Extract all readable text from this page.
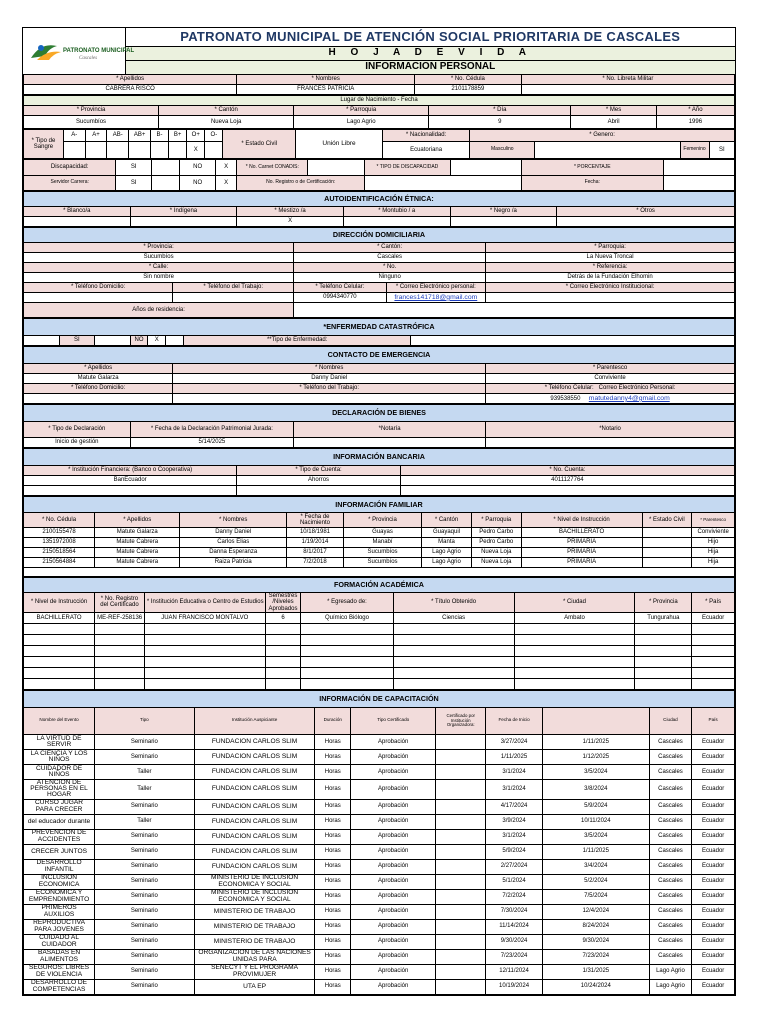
PATRONATO MUNICIPAL
Cascales
	PATRONATO MUNICIPAL DE ATENCIÓN SOCIAL PRIORITARIA DE CASCALES
H O J A D E V I D A
INFORMACION PERSONAL
* Apellidos	* Nombres	* No. Cédula	* No. Libreta Militar
CABRERA RISCO	FRANCES PATRICIA	2101178859	
Lugar de Nacimiento - Fecha					
* Provincia	* Cantón	* Parroquia	* Día	* Mes	* Año
Sucumbíos	Nueva Loja	Lago Agrio	9	Abril	1996
* Tipo de Sangre	A-	A+	AB-	AB+	B-	B+	O+	O-	* Estado Civil	Unión Libre	* Nacionalidad:	* Genero:			
							X				Ecuatoriana	Masculino		Femenino	SI
Discapacidad:	SI		NO	X	* No. Carnet CONADIS:		* TIPO DE DISCAPACIDAD		* PORCENTAJE	
Servidor Carrera:	SI		NO	X	No. Registro o de Certificación:				Fecha:	
AUTOIDENTIFICACIÓN ÉTNICA:					
* Blanco/a	* Indígena	* Mestizo /a	* Montubio / a	* Negro /a	* Otros
		X			
DIRECCIÓN DOMICILIARIA				
* Provincia:		* Cantón:		* Parroquia:
Sucumbíos		Cascales		La Nueva Troncal
* Calle:		* No.		* Referencia:
Sin nombre		Ninguno		Detrás de la Fundación Elhomin
* Teléfono Domicilio:	* Teléfono del Trabajo:	* Teléfono Celular:	* Correo Electrónico personal:	* Correo Electrónico Institucional:
		0994340770	frances141718@gmail.com	
Años de residencia:				
*ENFERMEDAD CATASTRÓFICA
	SI		NO	X		**Tipo de Enfermedad:	
CONTACTO DE EMERGENCIA		
* Apellidos	* Nombres	* Parentesco
Matute Galarza	Danny Daniel	Conviviente
* Teléfono Domicilio:	* Teléfono del Trabajo:	* Teléfono Celular: Correo Electrónico Personal:
		939538550 matutedanny4@gmail.com
DECLARACIÓN DE BIENES			
* Tipo de Declaración	* Fecha de la Declaración Patrimonial Jurada:	*Notaría	*Notario
Inicio de gestión	5/14/2025		
INFORMACIÓN BANCARIA		
* Institución Financiera: (Banco o Cooperativa)	* Tipo de Cuenta:	* No. Cuenta:
BanEcuador	Ahorros	4011127764

INFORMACIÓN FAMILIAR									
* No. Cédula	* Apellidos	* Nombres	* Fecha de Nacimiento	* Provincia	* Cantón	* Parroquia	* Nivel de Instrucción	* Estado Civil	* Parentesco
2100155478	Matute Galarza	Danny Daniel	10/18/1981	Guayas	Guayaquil	Pedro Carbo	BACHILLERATO		Conviviente
1351972008	Matute Cabrera	Carlos Elias	1/19/2014	Manabí	Manta	Pedro Carbo	PRIMARIA		Hijo
2150518564	Matute Cabrera	Danna Esperanza	8/1/2017	Sucumbíos	Lago Agrio	Nueva Loja	PRIMARIA		Hija
2150564884	Matute Cabrera	Raiza Patricia	7/2/2018	Sucumbíos	Lago Agrio	Nueva Loja	PRIMARIA		Hija

FORMACIÓN ACADÉMICA								
* Nivel de Instrucción	* No. Registro del Certificado	* Institución Educativa o Centro de Estudios	Semestres /Niveles Aprobados	* Egresado de:	* Título Obtenido	* Ciudad	* Provincia	* País
BACHILLERATO	ME-REF-258136	JUAN FRANCISCO MONTALVO	6	Químico Biólogo	Ciencias	Ambato	Tungurahua	Ecuador

INFORMACIÓN DE CAPACITACIÓN									
Nombre del Evento	Tipo	Institución Auspiciante	Duración	Tipo Certificado	Certificado por Institución Organizadora:	Fecha de Inicio		Ciudad	País
LA VIRTUD DE SERVIR	Seminario	FUNDACION CARLOS SLIM	Horas	Aprobación		3/27/2024	1/11/2025	Cascales	Ecuador
LA CIENCIA Y LOS NIÑOS	Seminario	FUNDACION CARLOS SLIM	Horas	Aprobación		1/11/2025	1/12/2025	Cascales	Ecuador
CUIDADOR DE NIÑOS	Taller	FUNDACION CARLOS SLIM	Horas	Aprobación		3/1/2024	3/5/2024	Cascales	Ecuador
ATENCION DE PERSONAS EN EL HOGAR	Taller	FUNDACION CARLOS SLIM	Horas	Aprobación		3/1/2024	3/8/2024	Cascales	Ecuador
CURSO JUGAR PARA CRECER	Seminario	FUNDACION CARLOS SLIM	Horas	Aprobación		4/17/2024	5/9/2024	Cascales	Ecuador
del educador durante	Taller	FUNDACION CARLOS SLIM	Horas	Aprobación		3/9/2024	10/11/2024	Cascales	Ecuador
PREVENCION DE ACCIDENTES	Seminario	FUNDACION CARLOS SLIM	Horas	Aprobación		3/1/2024	3/5/2024	Cascales	Ecuador
CRECER JUNTOS	Seminario	FUNDACION CARLOS SLIM	Horas	Aprobación		5/9/2024	1/11/2025	Cascales	Ecuador
DESARROLLO INFANTIL	Seminario	FUNDACION CARLOS SLIM	Horas	Aprobación		2/27/2024	3/4/2024	Cascales	Ecuador
INCLUSION ECONOMICA	Seminario	MINISTERIO DE INCLUSION ECONOMICA Y SOCIAL	Horas	Aprobación		5/1/2024	5/2/2024	Cascales	Ecuador
ECONOMICA Y EMPRENDIMIENTO	Seminario	MINISTERIO DE INCLUSION ECONOMICA Y SOCIAL	Horas	Aprobación		7/2/2024	7/5/2024	Cascales	Ecuador
PRIMEROS AUXILIOS	Seminario	MINISTERIO DE TRABAJO	Horas	Aprobación		7/30/2024	12/4/2024	Cascales	Ecuador
REPRODUCTIVA PARA JOVENES	Seminario	MINISTERIO DE TRABAJO	Horas	Aprobación		11/14/2024	8/24/2024	Cascales	Ecuador
CUIDADO AL CUIDADOR	Seminario	MINISTERIO DE TRABAJO	Horas	Aprobación		9/30/2024	9/30/2024	Cascales	Ecuador
BASADAS EN ALIMENTOS	Seminario	ORGANIZACION DE LAS NACIONES UNIDAS PARA	Horas	Aprobación		7/23/2024	7/23/2024	Cascales	Ecuador
SEGUROS: LIBRES DE VIOLENCIA	Seminario	SENECYT Y EL PROGRAMA PROVIMUJER	Horas	Aprobación		12/11/2024	1/31/2025	Lago Agrio	Ecuador
DESARROLLO DE COMPETENCIAS	Seminario	UTA EP	Horas	Aprobación		10/19/2024	10/24/2024	Lago Agrio	Ecuador
